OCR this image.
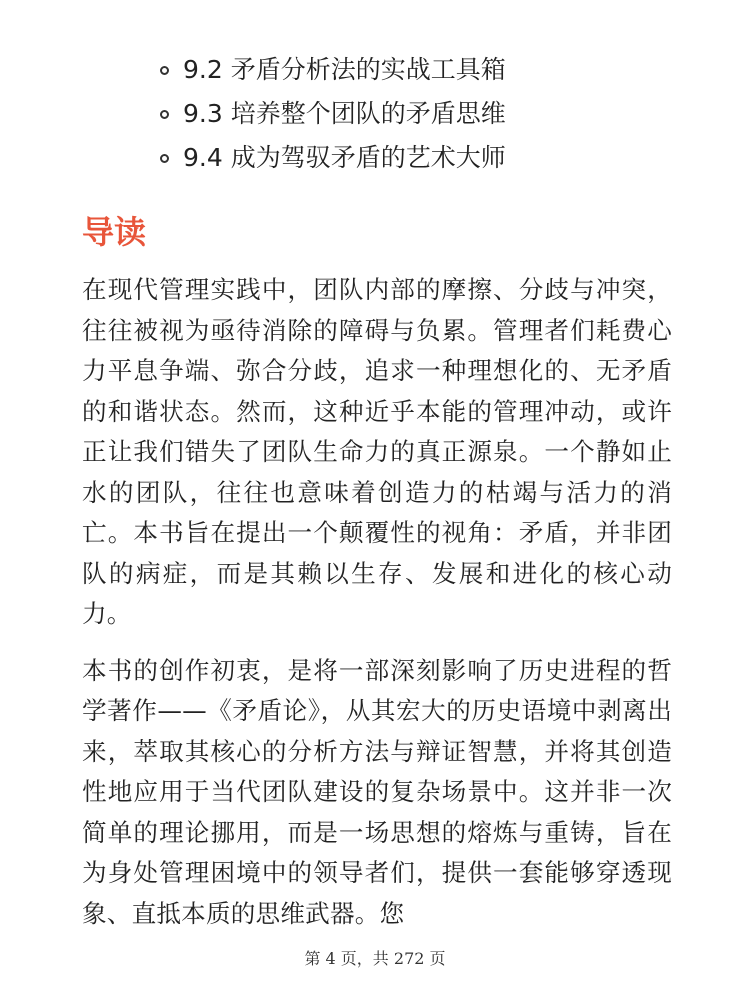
9.2 矛盾分析法的实战工具箱
9.3 培养整个团队的矛盾思维
9.4 成为驾驭矛盾的艺术大师
导读

在现代管理实践中，团队内部的摩擦、分歧与冲突，往往被视为亟待消除的障碍与负累。管理者们耗费心力平息争端、弥合分歧，追求一种理想化的、无矛盾的和谐状态。然而，这种近乎本能的管理冲动，或许正让我们错失了团队生命力的真正源泉。一个静如止水的团队，往往也意味着创造力的枯竭与活力的消亡。本书旨在提出一个颠覆性的视角：矛盾，并非团队的病症，而是其赖以生存、发展和进化的核心动力。

本书的创作初衷，是将一部深刻影响了历史进程的哲学著作——《矛盾论》，从其宏大的历史语境中剥离出来，萃取其核心的分析方法与辩证智慧，并将其创造性地应用于当代团队建设的复杂场景中。这并非一次简单的理论挪用，而是一场思想的熔炼与重铸，旨在为身处管理困境中的领导者们，提供一套能够穿透现象、直抵本质的思维武器。您

第 4 页，共 272 页
